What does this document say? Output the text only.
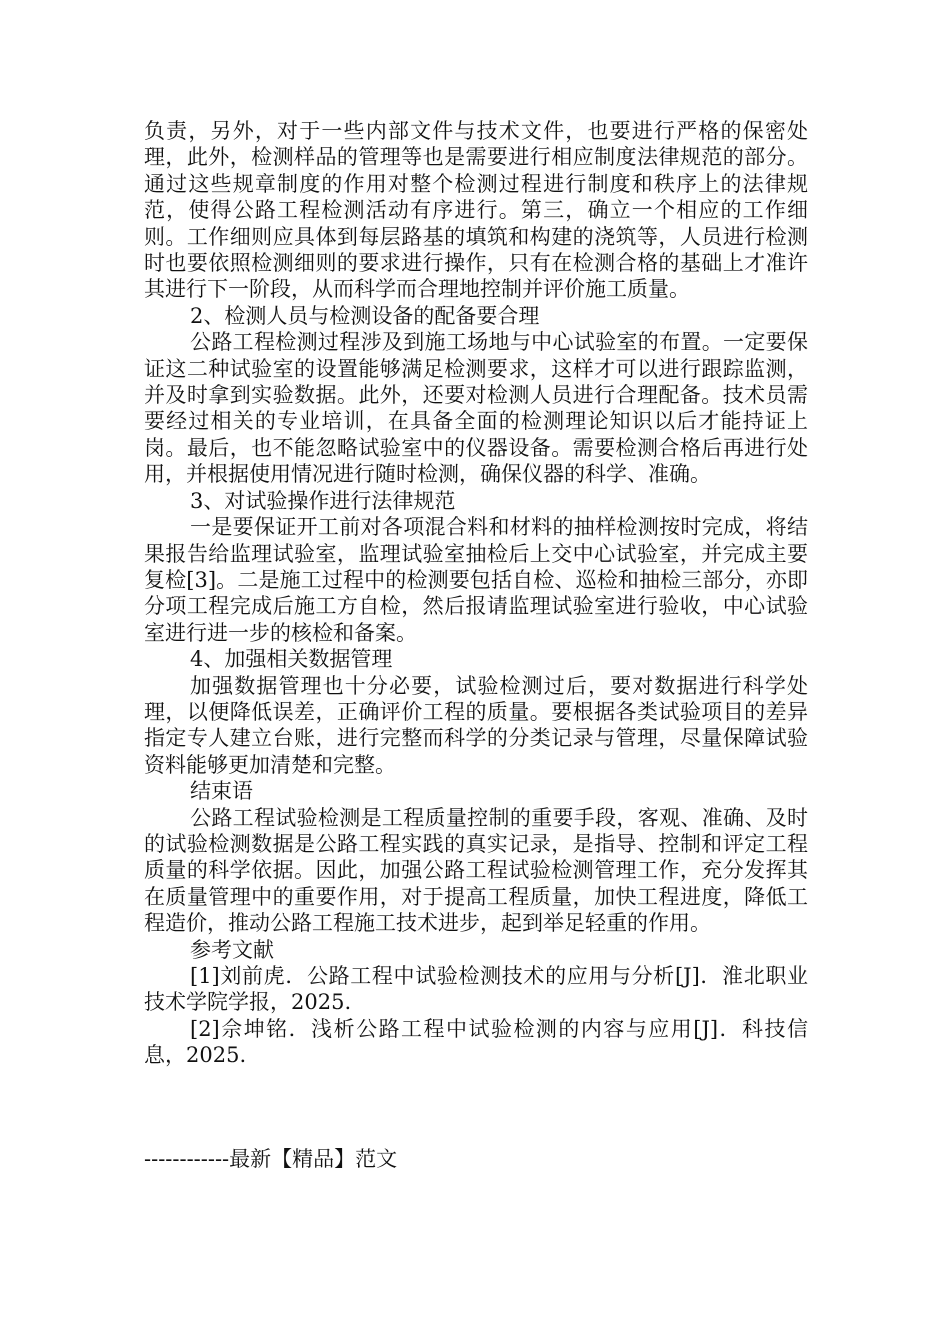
负责，另外，对于一些内部文件与技术文件，也要进行严格的保密处理，此外，检测样品的管理等也是需要进行相应制度法律规范的部分。通过这些规章制度的作用对整个检测过程进行制度和秩序上的法律规范，使得公路工程检测活动有序进行。第三，确立一个相应的工作细则。工作细则应具体到每层路基的填筑和构建的浇筑等，人员进行检测时也要依照检测细则的要求进行操作，只有在检测合格的基础上才准许其进行下一阶段，从而科学而合理地控制并评价施工质量。

2、检测人员与检测设备的配备要合理

公路工程检测过程涉及到施工场地与中心试验室的布置。一定要保证这二种试验室的设置能够满足检测要求，这样才可以进行跟踪监测，并及时拿到实验数据。此外，还要对检测人员进行合理配备。技术员需要经过相关的专业培训，在具备全面的检测理论知识以后才能持证上岗。最后，也不能忽略试验室中的仪器设备。需要检测合格后再进行处用，并根据使用情况进行随时检测，确保仪器的科学、准确。

3、对试验操作进行法律规范

一是要保证开工前对各项混合料和材料的抽样检测按时完成，将结果报告给监理试验室，监理试验室抽检后上交中心试验室，并完成主要复检[3]。二是施工过程中的检测要包括自检、巡检和抽检三部分，亦即分项工程完成后施工方自检，然后报请监理试验室进行验收，中心试验室进行进一步的核检和备案。

4、加强相关数据管理

加强数据管理也十分必要，试验检测过后，要对数据进行科学处理，以便降低误差，正确评价工程的质量。要根据各类试验项目的差异指定专人建立台账，进行完整而科学的分类记录与管理，尽量保障试验资料能够更加清楚和完整。

结束语

公路工程试验检测是工程质量控制的重要手段，客观、准确、及时的试验检测数据是公路工程实践的真实记录，是指导、控制和评定工程质量的科学依据。因此，加强公路工程试验检测管理工作，充分发挥其在质量管理中的重要作用，对于提高工程质量，加快工程进度，降低工程造价，推动公路工程施工技术进步，起到举足轻重的作用。

参考文献

[1]刘前虎．公路工程中试验检测技术的应用与分析[J]．淮北职业技术学院学报，2025.

[2]佘坤铭．浅析公路工程中试验检测的内容与应用[J]．科技信息，2025.

------------最新【精品】范文
